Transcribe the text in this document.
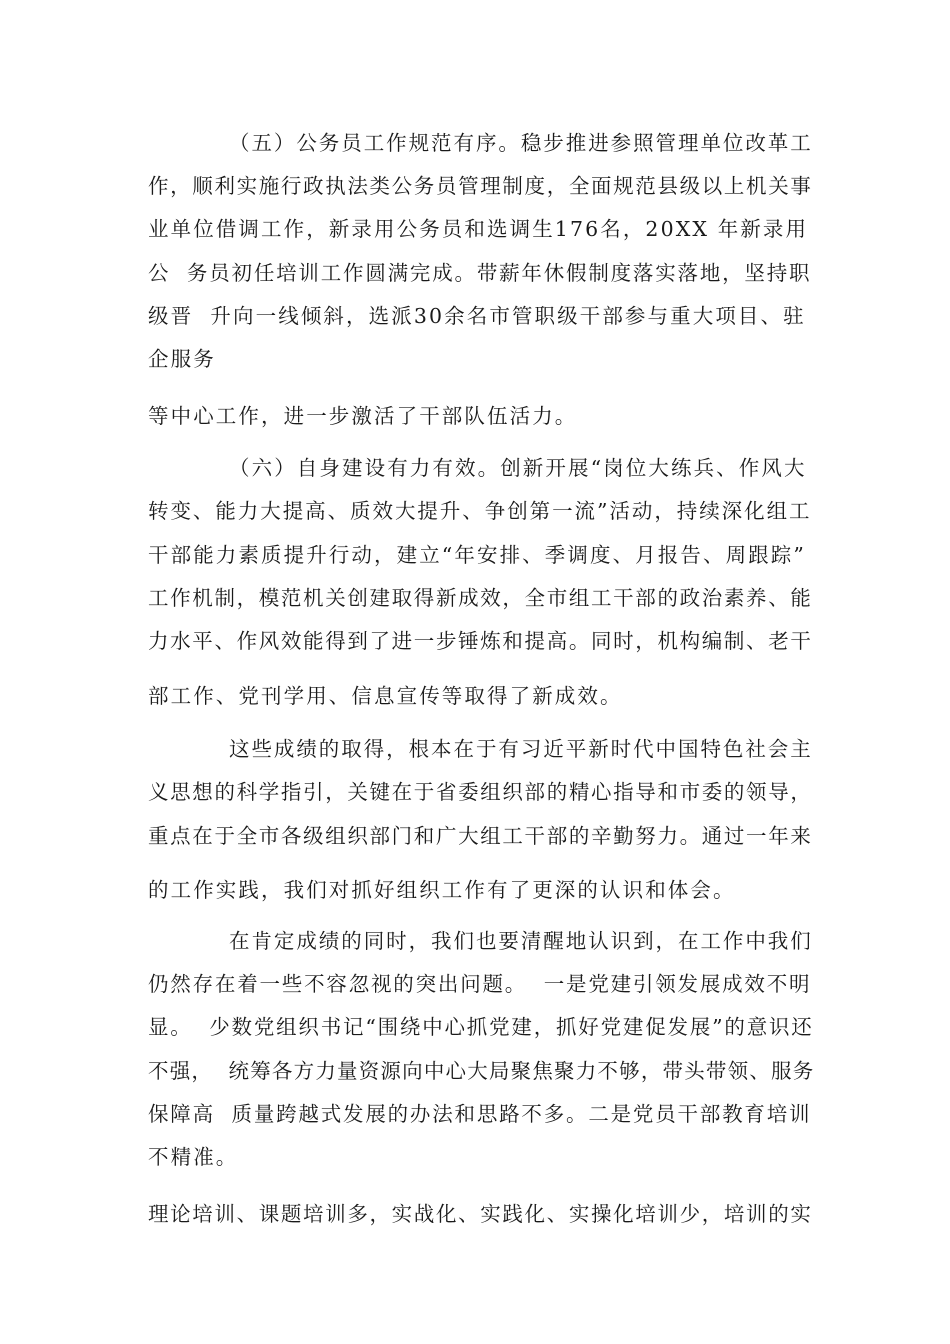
（五）公务员工作规范有序。稳步推进参照管理单位改革工
作，顺利实施行政执法类公务员管理制度，全面规范县级以上机关事
业单位借调工作，新录用公务员和选调生176名，20XX 年新录用
公  务员初任培训工作圆满完成。带薪年休假制度落实落地，坚持职
级晋  升向一线倾斜，选派30余名市管职级干部参与重大项目、驻
企服务
等中心工作，进一步激活了干部队伍活力。
（六）自身建设有力有效。创新开展“岗位大练兵、作风大
转变、能力大提高、质效大提升、争创第一流”活动，持续深化组工
干部能力素质提升行动，建立“年安排、季调度、月报告、周跟踪”
工作机制，模范机关创建取得新成效，全市组工干部的政治素养、能
力水平、作风效能得到了进一步锤炼和提高。同时，机构编制、老干
部工作、党刊学用、信息宣传等取得了新成效。
这些成绩的取得，根本在于有习近平新时代中国特色社会主
义思想的科学指引，关键在于省委组织部的精心指导和市委的领导，
重点在于全市各级组织部门和广大组工干部的辛勤努力。通过一年来
的工作实践，我们对抓好组织工作有了更深的认识和体会。
在肯定成绩的同时，我们也要清醒地认识到，在工作中我们
仍然存在着一些不容忽视的突出问题。  一是党建引领发展成效不明
显。  少数党组织书记“围绕中心抓党建，抓好党建促发展”的意识还
不强，  统筹各方力量资源向中心大局聚焦聚力不够，带头带领、服务
保障高  质量跨越式发展的办法和思路不多。二是党员干部教育培训
不精准。
理论培训、课题培训多，实战化、实践化、实操化培训少，培训的实
